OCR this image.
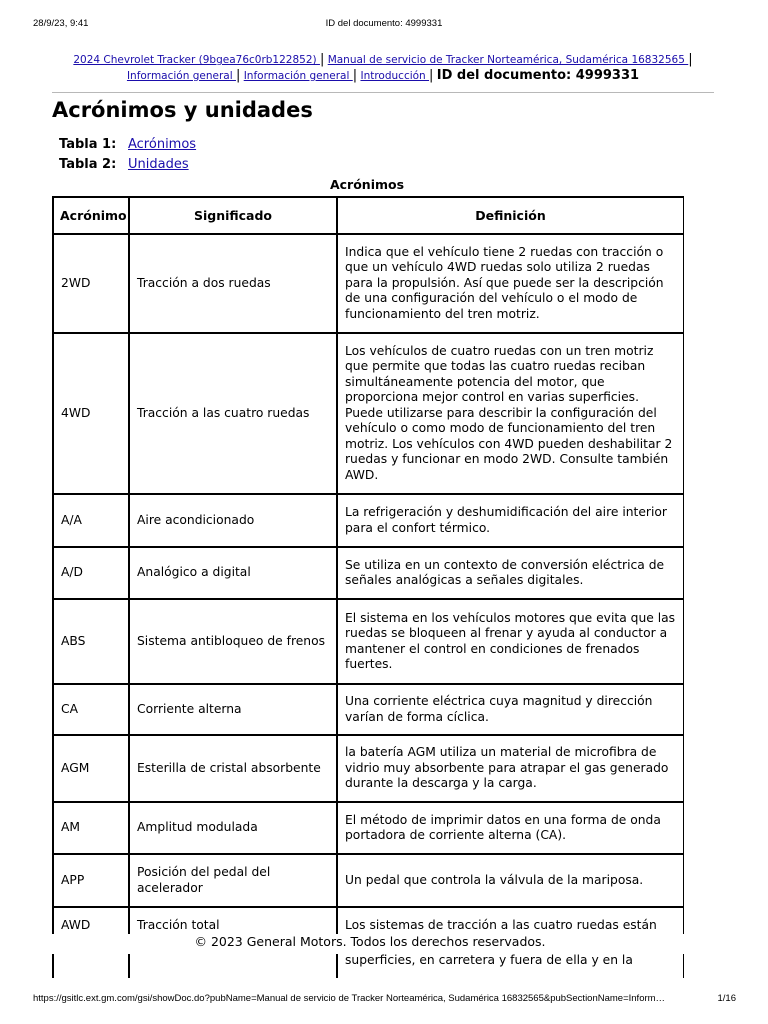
28/9/23, 9:41	ID del documento: 4999331
2024 Chevrolet Tracker (9bgea76c0rb122852) | Manual de servicio de Tracker Norteamérica, Sudamérica 16832565 |
Información general | Información general | Introducción | ID del documento: 4999331
Acrónimos y unidades
Tabla 1: Acrónimos
Tabla 2: Unidades
Acrónimos
Acrónimo	Significado	Definición
2WD	Tracción a dos ruedas	Indica que el vehículo tiene 2 ruedas con tracción o que un vehículo 4WD ruedas solo utiliza 2 ruedas para la propulsión. Así que puede ser la descripción de una configuración del vehículo o el modo de funcionamiento del tren motriz.
4WD	Tracción a las cuatro ruedas	Los vehículos de cuatro ruedas con un tren motriz que permite que todas las cuatro ruedas reciban simultáneamente potencia del motor, que proporciona mejor control en varias superficies. Puede utilizarse para describir la configuración del vehículo o como modo de funcionamiento del tren motriz. Los vehículos con 4WD pueden deshabilitar 2 ruedas y funcionar en modo 2WD. Consulte también AWD.
A/A	Aire acondicionado	La refrigeración y deshumidificación del aire interior para el confort térmico.
A/D	Analógico a digital	Se utiliza en un contexto de conversión eléctrica de señales analógicas a señales digitales.
ABS	Sistema antibloqueo de frenos	El sistema en los vehículos motores que evita que las ruedas se bloqueen al frenar y ayuda al conductor a mantener el control en condiciones de frenados fuertes.
CA	Corriente alterna	Una corriente eléctrica cuya magnitud y dirección varían de forma cíclica.
AGM	Esterilla de cristal absorbente	la batería AGM utiliza un material de microfibra de vidrio muy absorbente para atrapar el gas generado durante la descarga y la carga.
AM	Amplitud modulada	El método de imprimir datos en una forma de onda portadora de corriente alterna (CA).
APP	Posición del pedal del acelerador	Un pedal que controla la válvula de la mariposa.
AWD	Tracción total	Los sistemas de tracción a las cuatro ruedas están
© 2023 General Motors. Todos los derechos reservados.
		superficies, en carretera y fuera de ella y en la
https://gsitlc.ext.gm.com/gsi/showDoc.do?pubName=Manual de servicio de Tracker Norteamérica, Sudamérica 16832565&pubSectionName=Inform…	1/16
